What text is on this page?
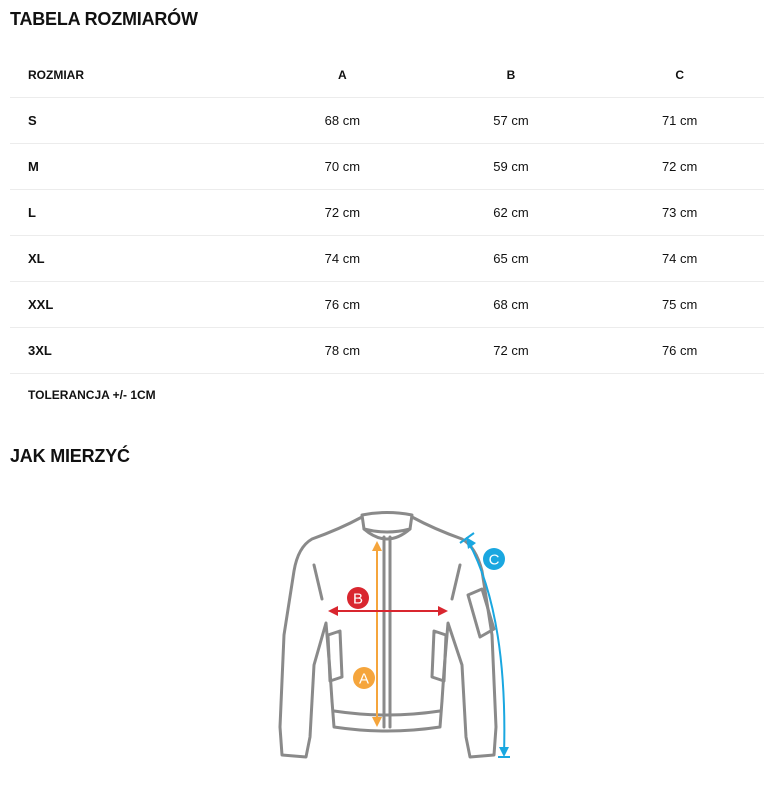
TABELA ROZMIARÓW
ROZMIAR	A	B	C
S	68 cm	57 cm	71 cm
M	70 cm	59 cm	72 cm
L	72 cm	62 cm	73 cm
XL	74 cm	65 cm	74 cm
XXL	76 cm	68 cm	75 cm
3XL	78 cm	72 cm	76 cm
TOLERANCJA +/- 1CM			
JAK MIERZYĆ
A
B
C
